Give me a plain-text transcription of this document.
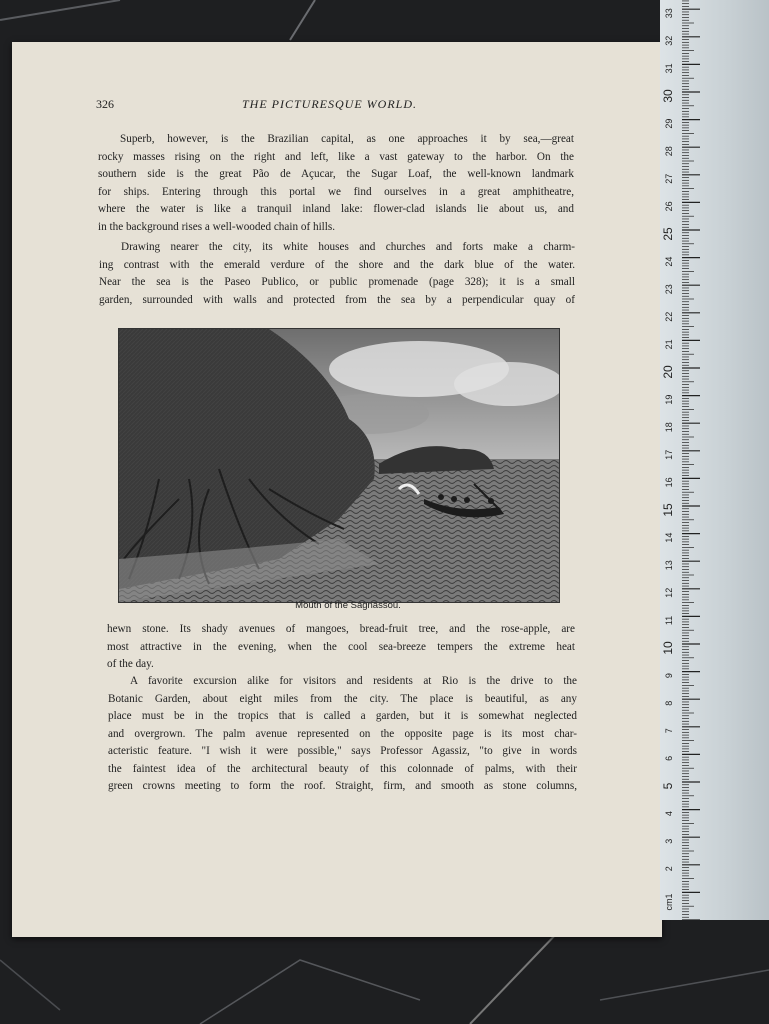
326	THE PICTURESQUE WORLD.
Superb, however, is the Brazilian capital, as one approaches it by sea,—great
rocky masses rising on the right and left, like a vast gateway to the harbor. On the
southern side is the great Pão de Açucar, the Sugar Loaf, the well-known landmark
for ships. Entering through this portal we find ourselves in a great amphitheatre,
where the water is like a tranquil inland lake: flower-clad islands lie about us, and
in the background rises a well-wooded chain of hills.
Drawing nearer the city, its white houses and churches and forts make a charm-
ing contrast with the emerald verdure of the shore and the dark blue of the water.
Near the sea is the Paseo Publico, or public promenade (page 328); it is a small
garden, surrounded with walls and protected from the sea by a perpendicular quay of
Mouth of the Sagnassou.
hewn stone. Its shady avenues of mangoes, bread-fruit tree, and the rose-apple, are
most attractive in the evening, when the cool sea-breeze tempers the extreme heat
of the day.
A favorite excursion alike for visitors and residents at Rio is the drive to the
Botanic Garden, about eight miles from the city. The place is beautiful, as any
place must be in the tropics that is called a garden, but it is somewhat neglected
and overgrown. The palm avenue represented on the opposite page is its most char-
acteristic feature. "I wish it were possible," says Professor Agassiz, "to give in words
the faintest idea of the architectural beauty of this colonnade of palms, with their
green crowns meeting to form the roof. Straight, firm, and smooth as stone columns,
cm1
2
3
4
5
6
7
8
9
10
11
12
13
14
15
16
17
18
19
20
21
22
23
24
25
26
27
28
29
30
31
32
33
